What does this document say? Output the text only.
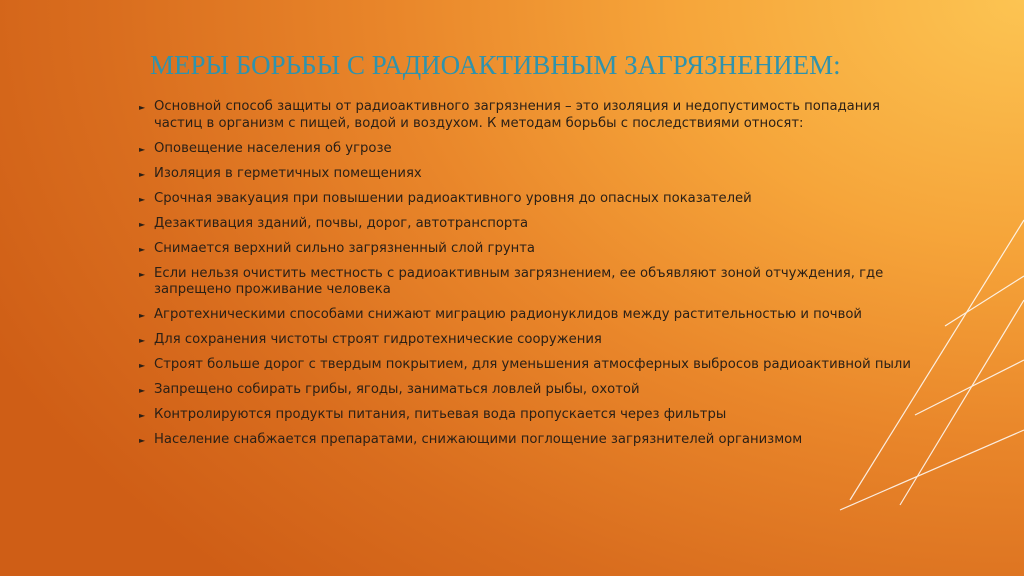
МЕРЫ БОРЬБЫ С РАДИОАКТИВНЫМ ЗАГРЯЗНЕНИЕМ:
► Основной способ защиты от радиоактивного загрязнения – это изоляция и недопустимость попадания частиц в организм с пищей, водой и воздухом. К методам борьбы с последствиями относят:
► Оповещение населения об угрозе
► Изоляция в герметичных помещениях
► Срочная эвакуация при повышении радиоактивного уровня до опасных показателей
► Дезактивация зданий, почвы, дорог, автотранспорта
► Снимается верхний сильно загрязненный слой грунта
► Если нельзя очистить местность с радиоактивным загрязнением, ее объявляют зоной отчуждения, где запрещено проживание человека
► Агротехническими способами снижают миграцию радионуклидов между растительностью и почвой
► Для сохранения чистоты строят гидротехнические сооружения
► Строят больше дорог с твердым покрытием, для уменьшения атмосферных выбросов радиоактивной пыли
► Запрещено собирать грибы, ягоды, заниматься ловлей рыбы, охотой
► Контролируются продукты питания, питьевая вода пропускается через фильтры
► Население снабжается препаратами, снижающими поглощение загрязнителей организмом
